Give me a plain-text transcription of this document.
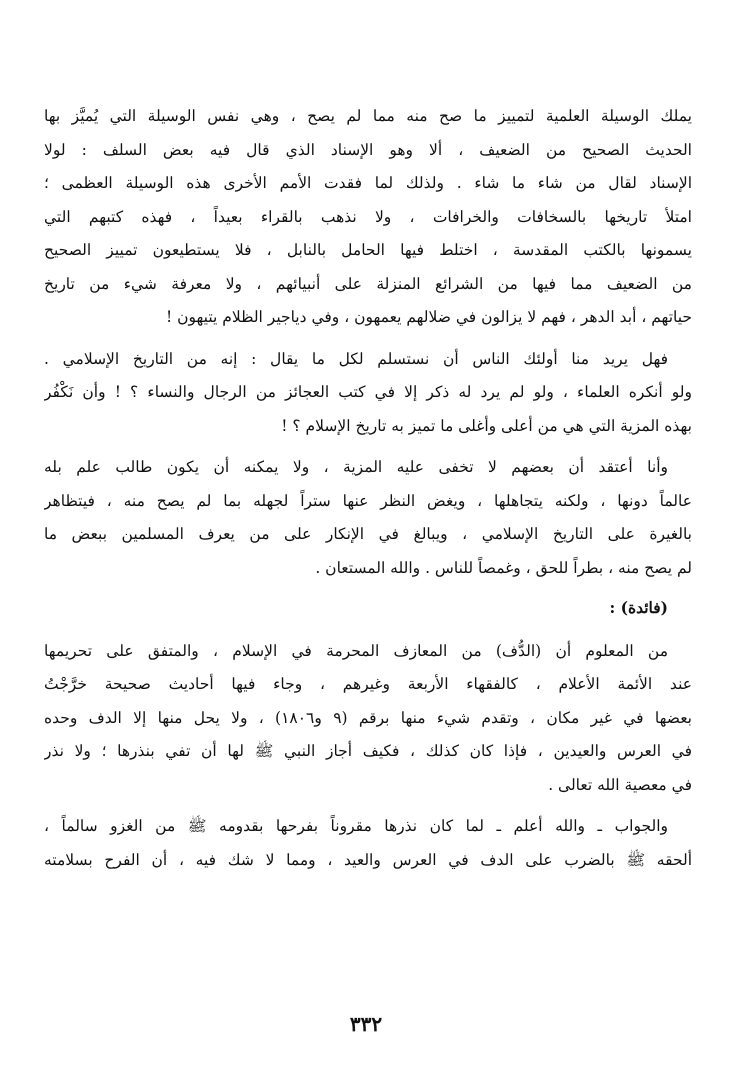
يملك الوسيلة العلمية لتمييز ما صح منه مما لم يصح ، وهي نفس الوسيلة التي يُميَّز بها
الحديث الصحيح من الضعيف ، ألا وهو الإسناد الذي قال فيه بعض السلف : لولا
الإسناد لقال من شاء ما شاء . ولذلك لما فقدت الأمم الأخرى هذه الوسيلة العظمى ؛
امتلأ تاريخها بالسخافات والخرافات ، ولا نذهب بالقراء بعيداً ، فهذه كتبهم التي
يسمونها بالكتب المقدسة ، اختلط فيها الحامل بالنابل ، فلا يستطيعون تمييز الصحيح
من الضعيف مما فيها من الشرائع المنزلة على أنبيائهم ، ولا معرفة شيء من تاريخ
حياتهم ، أبد الدهر ، فهم لا يزالون في ضلالهم يعمهون ، وفي دياجير الظلام يتيهون !

فهل يريد منا أولئك الناس أن نستسلم لكل ما يقال : إنه من التاريخ الإسلامي .
ولو أنكره العلماء ، ولو لم يرد له ذكر إلا في كتب العجائز من الرجال والنساء ؟ ! وأن نَكْفُر
بهذه المزية التي هي من أعلى وأغلى ما تميز به تاريخ الإسلام ؟ !

وأنا أعتقد أن بعضهم لا تخفى عليه المزية ، ولا يمكنه أن يكون طالب علم بله
عالماً دونها ، ولكنه يتجاهلها ، ويغض النظر عنها ستراً لجهله بما لم يصح منه ، فيتظاهر
بالغيرة على التاريخ الإسلامي ، ويبالغ في الإنكار على من يعرف المسلمين ببعض ما
لم يصح منه ، بطراً للحق ، وغمصاً للناس . والله المستعان .

(فائدة) :

من المعلوم أن (الدُّف) من المعازف المحرمة في الإسلام ، والمتفق على تحريمها
عند الأئمة الأعلام ، كالفقهاء الأربعة وغيرهم ، وجاء فيها أحاديث صحيحة خرَّجْتُ
بعضها في غير مكان ، وتقدم شيء منها برقم (٩ و١٨٠٦) ، ولا يحل منها إلا الدف وحده
في العرس والعيدين ، فإذا كان كذلك ، فكيف أجاز النبي ﷺ لها أن تفي بنذرها ؛ ولا نذر
في معصية الله تعالى .

والجواب ـ والله أعلم ـ لما كان نذرها مقروناً بفرحها بقدومه ﷺ من الغزو سالماً ،
ألحقه ﷺ بالضرب على الدف في العرس والعيد ، ومما لا شك فيه ، أن الفرح بسلامته

٣٣٢
